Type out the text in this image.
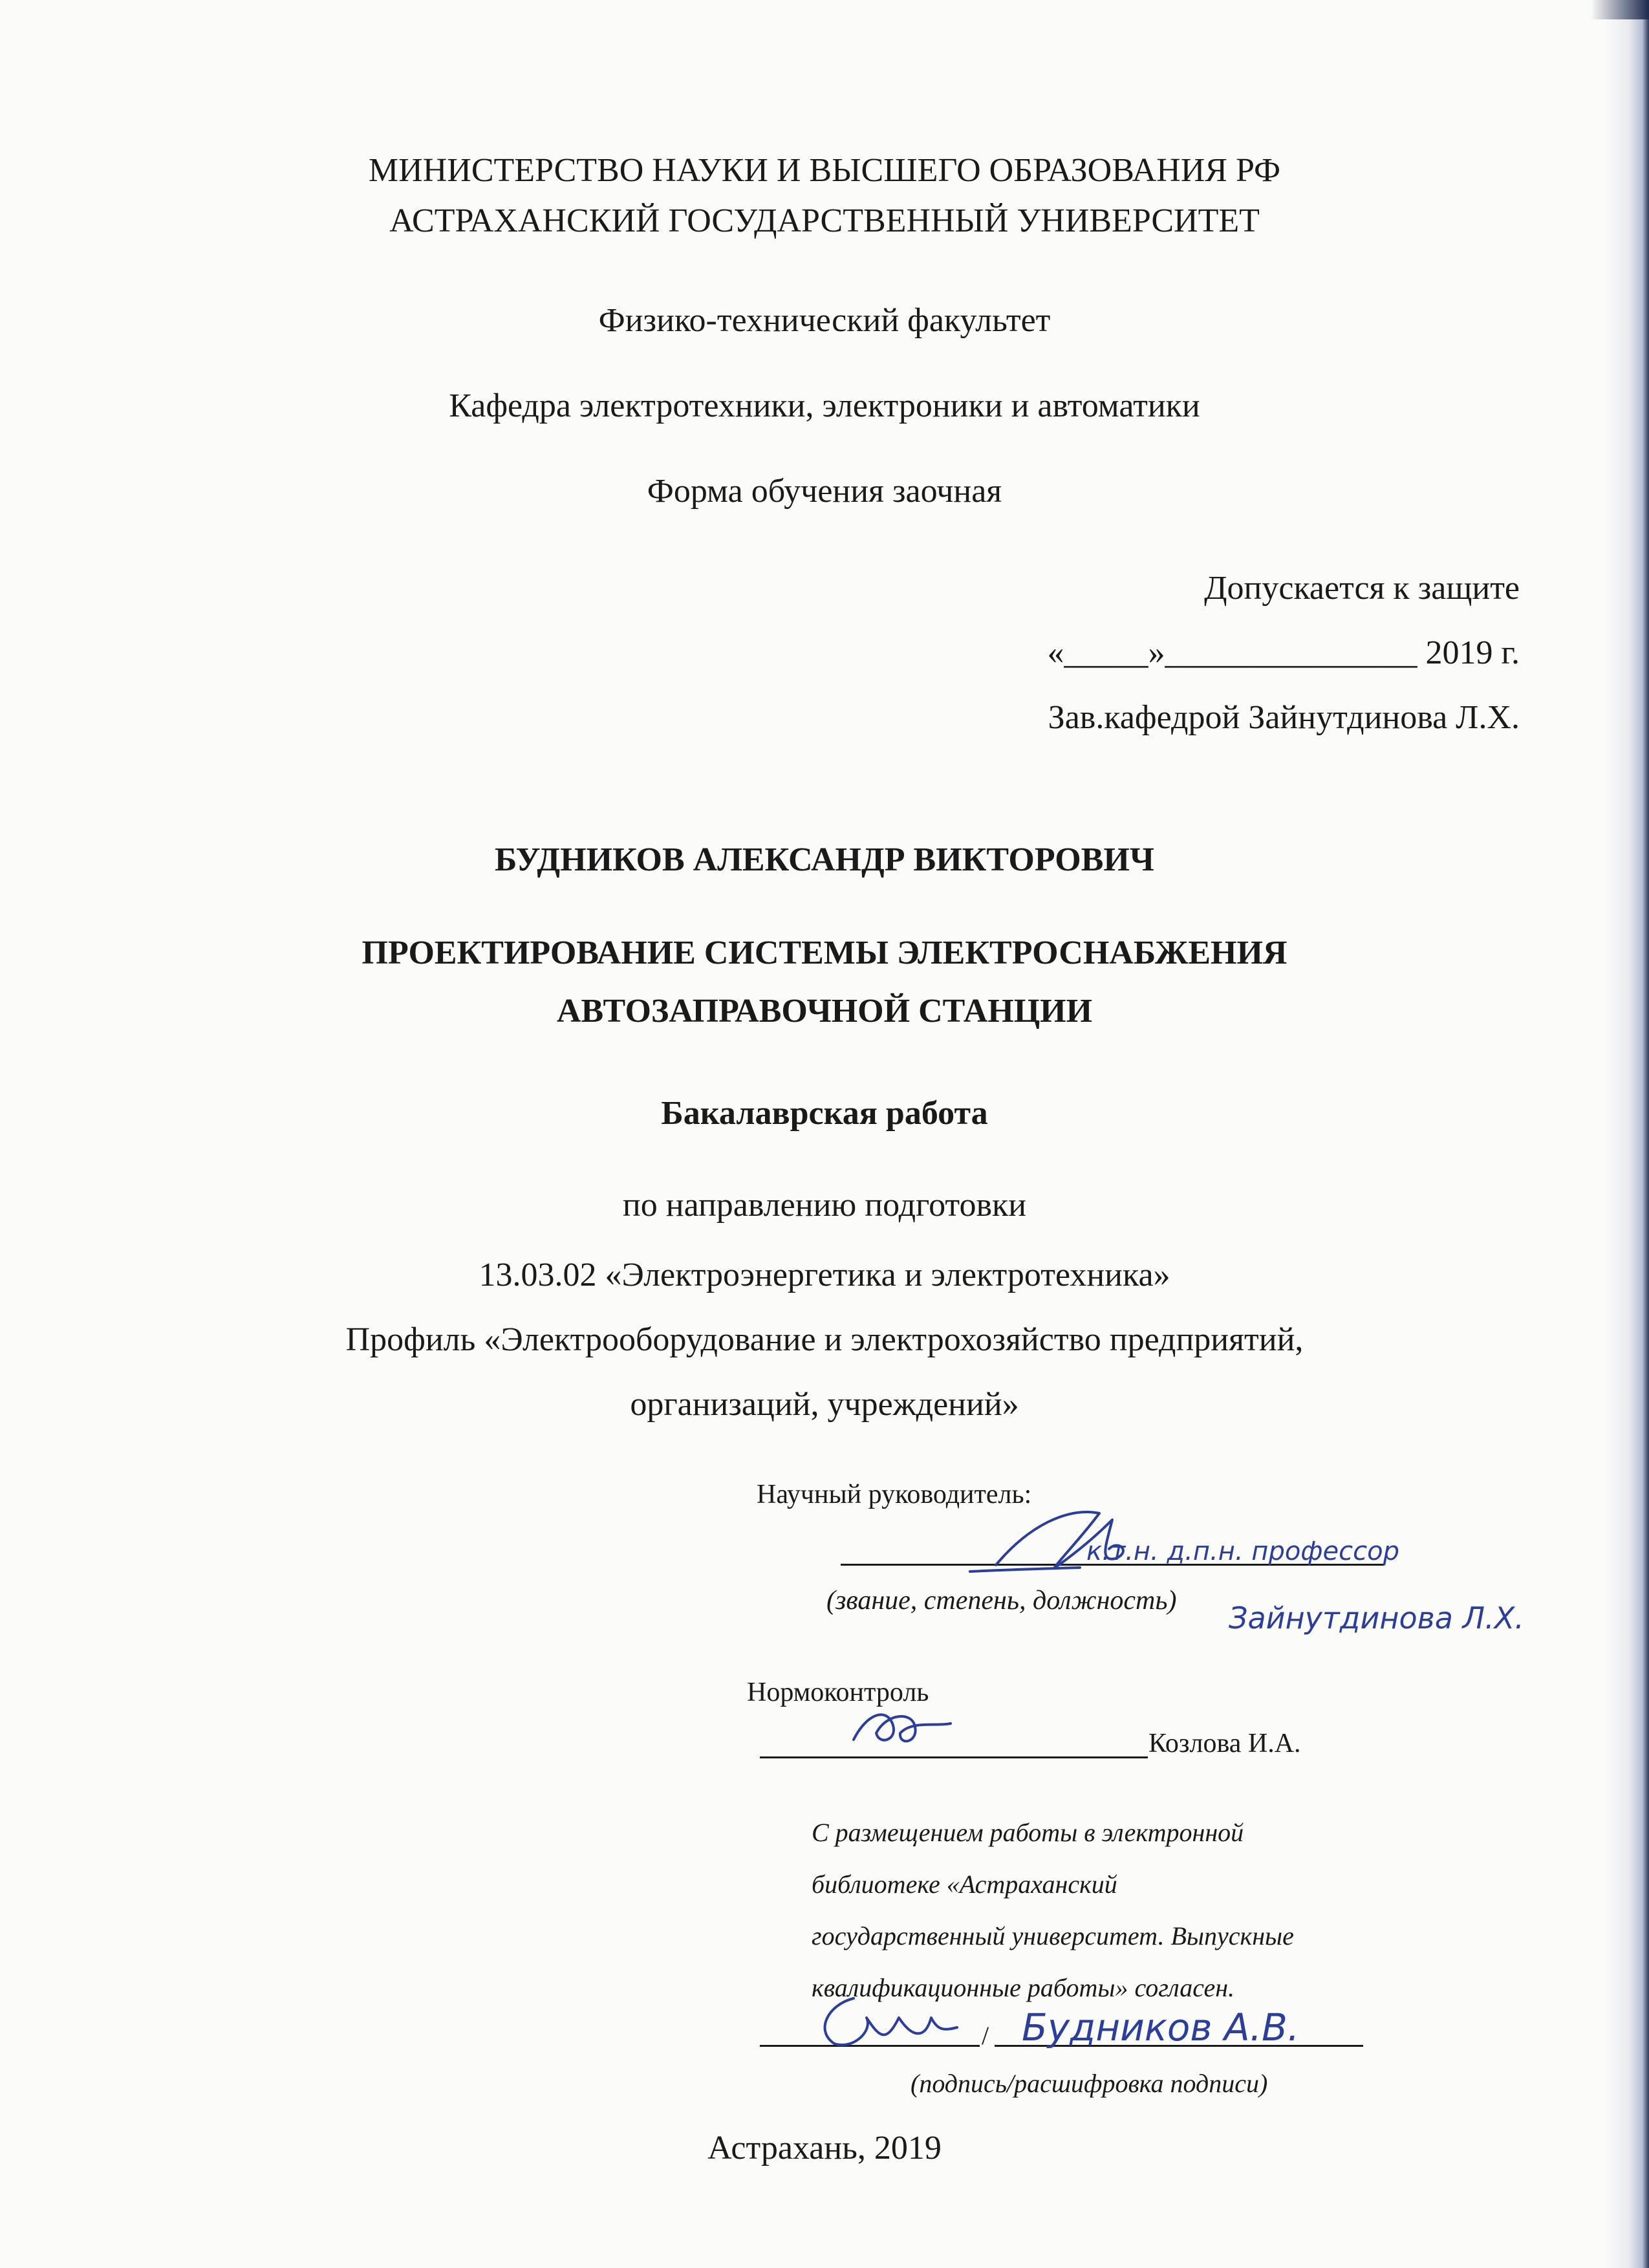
МИНИСТЕРСТВО НАУКИ И ВЫСШЕГО ОБРАЗОВАНИЯ РФ
АСТРАХАНСКИЙ ГОСУДАРСТВЕННЫЙ УНИВЕРСИТЕТ
Физико-технический факультет
Кафедра электротехники, электроники и автоматики
Форма обучения заочная
Допускается к защите
«_____»_______________ 2019 г.
Зав.кафедрой Зайнутдинова Л.Х.
БУДНИКОВ АЛЕКСАНДР ВИКТОРОВИЧ
ПРОЕКТИРОВАНИЕ СИСТЕМЫ ЭЛЕКТРОСНАБЖЕНИЯ
АВТОЗАПРАВОЧНОЙ СТАНЦИИ
Бакалаврская работа
по направлению подготовки
13.03.02 «Электроэнергетика и электротехника»
Профиль «Электрооборудование и электрохозяйство предприятий,
организаций, учреждений»
Научный руководитель:
(звание, степень, должность)
к.т.н. д.п.н. профессор
Зайнутдинова Л.Х.
Нормоконтроль
Козлова И.А.
С размещением работы в электронной
библиотеке «Астраханский
государственный университет. Выпускные
квалификационные работы» согласен.
/
(подпись/расшифровка подписи)
Будников А.В.
Астрахань, 2019
